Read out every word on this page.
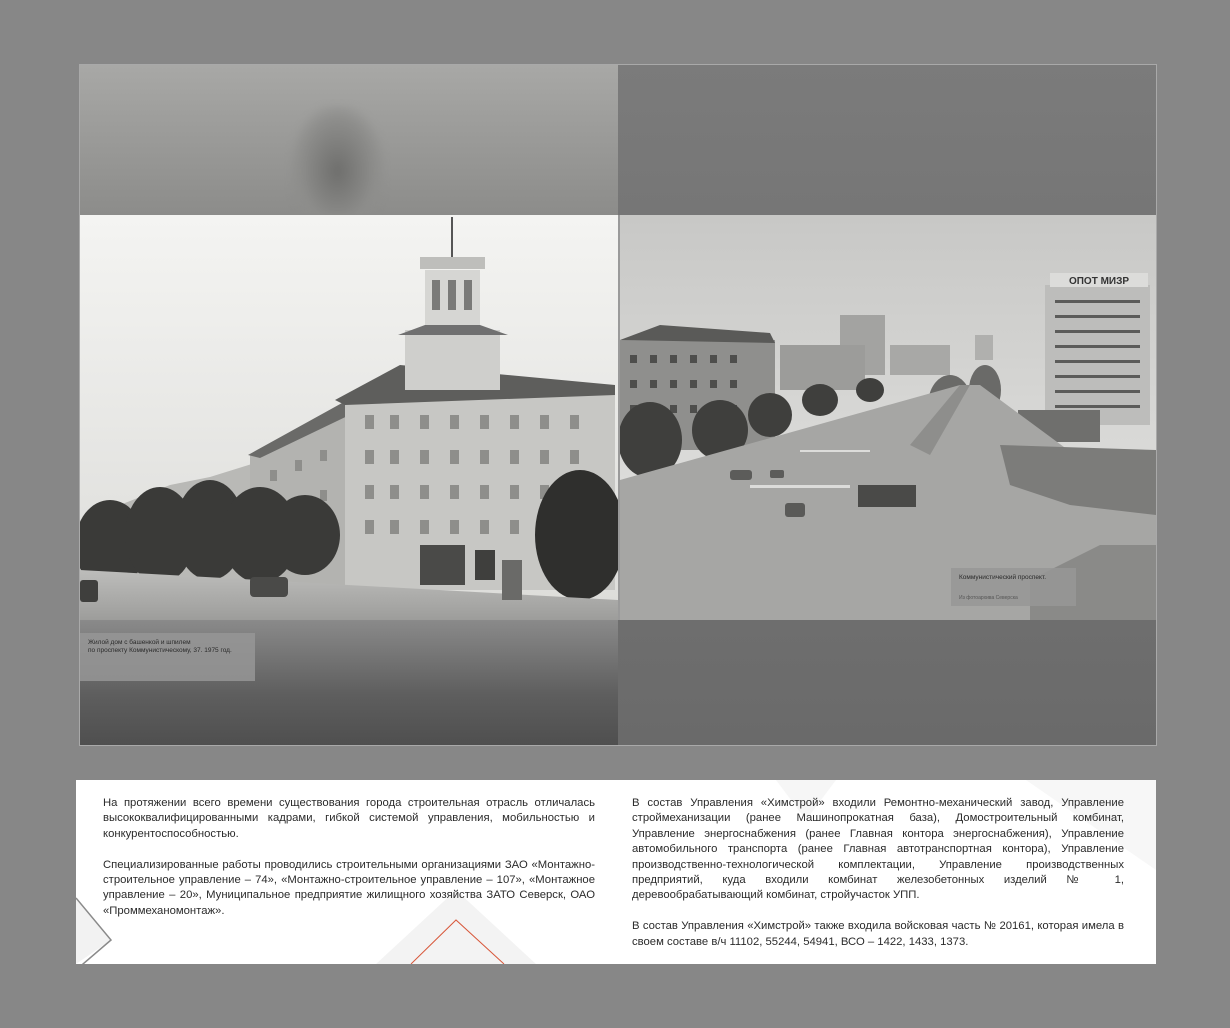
ОПОТ МИЗР
Жилой дом с башенкой и шпилем
по проспекту Коммунистическому, 37. 1975 год.
Коммунистический проспект.
Из фотоархива Северска

На протяжении всего времени существования города строительная отрасль отличалась высококвалифицированными кадрами, гибкой системой управления, мобильностью и конкурентоспособностью.

Специализированные работы проводились строительными организациями ЗАО «Монтажно-строительное управление – 74», «Монтажно-строительное управление – 107», «Монтажное управление – 20», Муниципальное предприятие жилищного хозяйства ЗАТО Северск, ОАО «Проммеханомонтаж».

В состав Управления «Химстрой» входили Ремонтно-механический завод, Управление строймеханизации (ранее Машинопрокатная база), Домостроительный комбинат, Управление энергоснабжения (ранее Главная контора энергоснабжения), Управление автомобильного транспорта (ранее Главная автотранспортная контора), Управление производственно-технологической комплектации, Управление производственных предприятий, куда входили комбинат железобетонных изделий № 1, деревообрабатывающий комбинат, стройучасток УПП.

В состав Управления «Химстрой» также входила войсковая часть № 20161, которая имела в своем составе в/ч 11102, 55244, 54941, ВСО – 1422, 1433, 1373.
